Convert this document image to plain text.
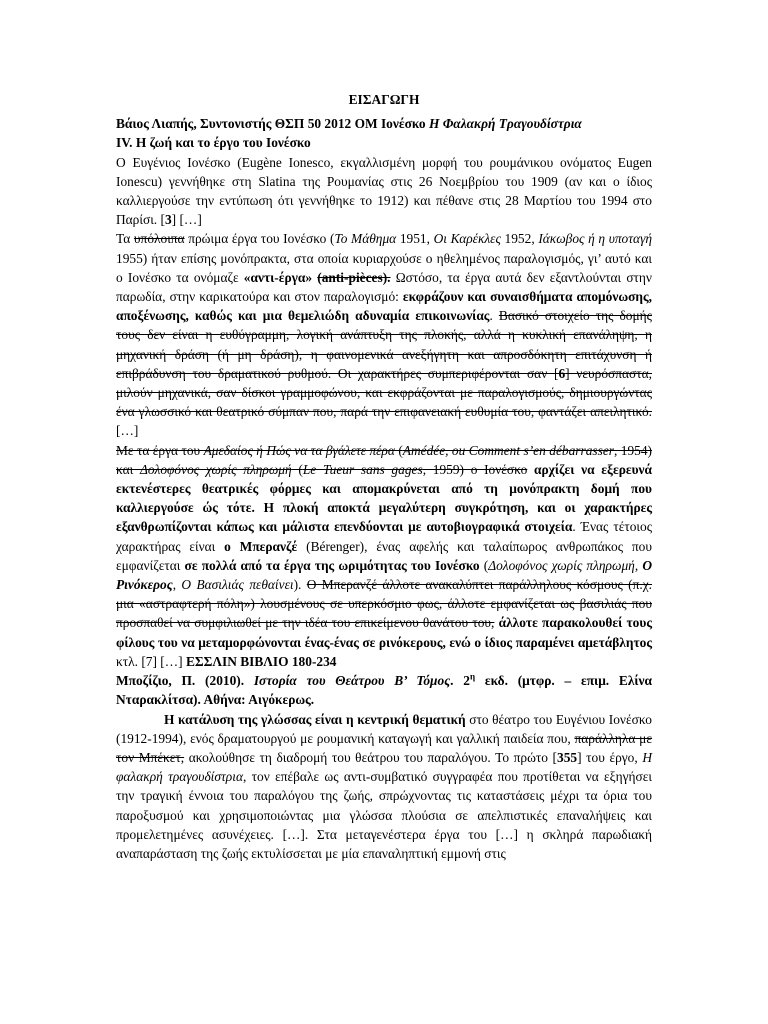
ΕΙΣΑΓΩΓΗ

Βάιος Λιαπής, Συντονιστής ΘΣΠ 50 2012 ΟΜ Ιονέσκο Η Φαλακρή Τραγουδίστρια

IV. Η ζωή και το έργο του Ιονέσκο

Ο Ευγένιος Ιονέσκο (Eugène Ionesco, εκγαλλισμένη μορφή του ρουμάνικου ονόματος Eugen Ionescu) γεννήθηκε στη Slatina της Ρουμανίας στις 26 Νοεμβρίου του 1909 (αν και ο ίδιος καλλιεργούσε την εντύπωση ότι γεννήθηκε το 1912) και πέθανε στις 28 Μαρτίου του 1994 στο Παρίσι. [3] […]

Τα υπόλοιπα πρώιμα έργα του Ιονέσκο (Το Μάθημα 1951, Οι Καρέκλες 1952, Ιάκωβος ή η υποταγή 1955) ήταν επίσης μονόπρακτα, στα οποία κυριαρχούσε ο ηθελημένος παραλογισμός, γι’ αυτό και ο Ιονέσκο τα ονόμαζε «αντι-έργα» (anti-pièces). Ωστόσο, τα έργα αυτά δεν εξαντλούνται στην παρωδία, στην καρικατούρα και στον παραλογισμό: εκφράζουν και συναισθήματα απομόνωσης, αποξένωσης, καθώς και μια θεμελιώδη αδυναμία επικοινωνίας. Βασικό στοιχείο της δομής τους δεν είναι η ευθύγραμμη, λογική ανάπτυξη της πλοκής, αλλά η κυκλική επανάληψη, η μηχανική δράση (ή μη δράση), η φαινομενικά ανεξήγητη και απροσδόκητη επιτάχυνση ή επιβράδυνση του δραματικού ρυθμού. Οι χαρακτήρες συμπεριφέρονται σαν [6] νευρόσπαστα, μιλούν μηχανικά, σαν δίσκοι γραμμοφώνου, και εκφράζονται με παραλογισμούς, δημιουργώντας ένα γλωσσικό και θεατρικό σύμπαν που, παρά την επιφανειακή ευθυμία του, φαντάζει απειλητικό. […]

Με τα έργα του Αμεδαίος ή Πώς να τα βγάλετε πέρα (Amédée, ou Comment s’en débarrasser, 1954) και Δολοφόνος χωρίς πληρωμή (Le Tueur sans gages, 1959) ο Ιονέσκο αρχίζει να εξερευνά εκτενέστερες θεατρικές φόρμες και απομακρύνεται από τη μονόπρακτη δομή που καλλιεργούσε ώς τότε. Η πλοκή αποκτά μεγαλύτερη συγκρότηση, και οι χαρακτήρες εξανθρωπίζονται κάπως και μάλιστα επενδύονται με αυτοβιογραφικά στοιχεία. Ένας τέτοιος χαρακτήρας είναι ο Μπερανζέ (Bérenger), ένας αφελής και ταλαίπωρος ανθρωπάκος που εμφανίζεται σε πολλά από τα έργα της ωριμότητας του Ιονέσκο (Δολοφόνος χωρίς πληρωμή, Ο Ρινόκερος, Ο Βασιλιάς πεθαίνει). Ο Μπερανζέ άλλοτε ανακαλύπτει παράλληλους κόσμους (π.χ. μια «αστραφτερή πόλη») λουσμένους σε υπερκόσμιο φως, άλλοτε εμφανίζεται ως βασιλιάς που προσπαθεί να συμφιλιωθεί με την ιδέα του επικείμενου θανάτου του, άλλοτε παρακολουθεί τους φίλους του να μεταμορφώνονται ένας-ένας σε ρινόκερους, ενώ ο ίδιος παραμένει αμετάβλητος κτλ. [7] […] ΕΣΣΛΙΝ ΒΙΒΛΙΟ 180-234

Μποζίζιο, Π. (2010). Ιστορία του Θεάτρου Β’ Τόμος. $2^\eta$ εκδ. (μτφρ. – επιμ. Ελίνα Νταρακλίτσα). Αθήνα: Αιγόκερως.

Η κατάλυση της γλώσσας είναι η κεντρική θεματική στο θέατρο του Ευγένιου Ιονέσκο (1912-1994), ενός δραματουργού με ρουμανική καταγωγή και γαλλική παιδεία που, παράλληλα με τον Μπέκετ, ακολούθησε τη διαδρομή του θεάτρου του παραλόγου. Το πρώτο [355] του έργο, Η φαλακρή τραγουδίστρια, τον επέβαλε ως αντι-συμβατικό συγγραφέα που προτίθεται να εξηγήσει την τραγική έννοια του παραλόγου της ζωής, σπρώχνοντας τις καταστάσεις μέχρι τα όρια του παροξυσμού και χρησιμοποιώντας μια γλώσσα πλούσια σε απελπιστικές επαναλήψεις και προμελετημένες ασυνέχειες. […]. Στα μεταγενέστερα έργα του […] η σκληρά παρωδιακή αναπαράσταση της ζωής εκτυλίσσεται με μία επαναληπτική εμμονή στις
